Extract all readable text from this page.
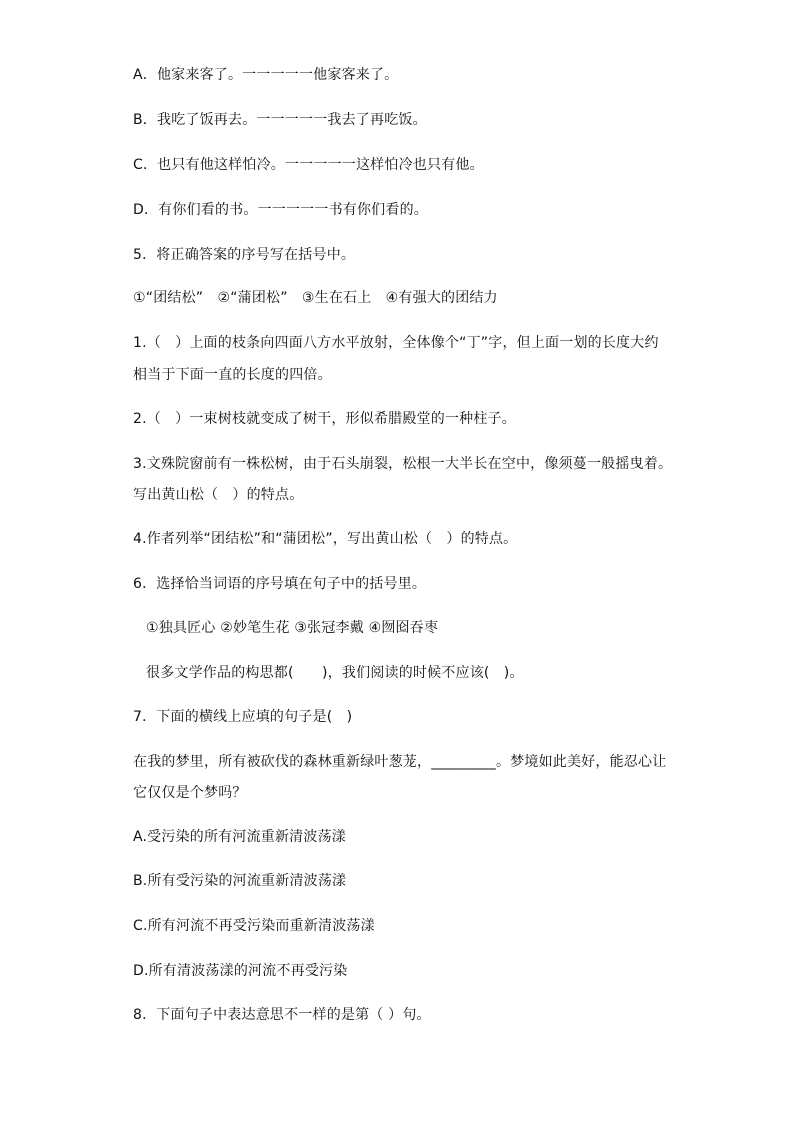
A．他家来客了。一一一一一他家客来了。
B．我吃了饭再去。一一一一一我去了再吃饭。
C．也只有他这样怕冷。一一一一一这样怕冷也只有他。
D．有你们看的书。一一一一一书有你们看的。
5．将正确答案的序号写在括号中。
①“团结松”　②“蒲团松”　③生在石上　④有强大的团结力
1.（　）上面的枝条向四面八方水平放射，全体像个“丁”字，但上面一划的长度大约
相当于下面一直的长度的四倍。
2.（　）一束树枝就变成了树干，形似希腊殿堂的一种柱子。
3.文殊院窗前有一株松树，由于石头崩裂，松根一大半长在空中，像须蔓一般摇曳着。
写出黄山松（　）的特点。
4.作者列举“团结松”和“蒲团松”，写出黄山松（　）的特点。
6．选择恰当词语的序号填在句子中的括号里。
①独具匠心 ②妙笔生花 ③张冠李戴 ④囫囵吞枣
很多文学作品的构思都(　　)，我们阅读的时候不应该(　)。
7．下面的横线上应填的句子是(　)
在我的梦里，所有被砍伐的森林重新绿叶葱茏，_________。梦境如此美好，能忍心让
它仅仅是个梦吗？
A.受污染的所有河流重新清波荡漾
B.所有受污染的河流重新清波荡漾
C.所有河流不再受污染而重新清波荡漾
D.所有清波荡漾的河流不再受污染
8．下面句子中表达意思不一样的是第（ ）句。
